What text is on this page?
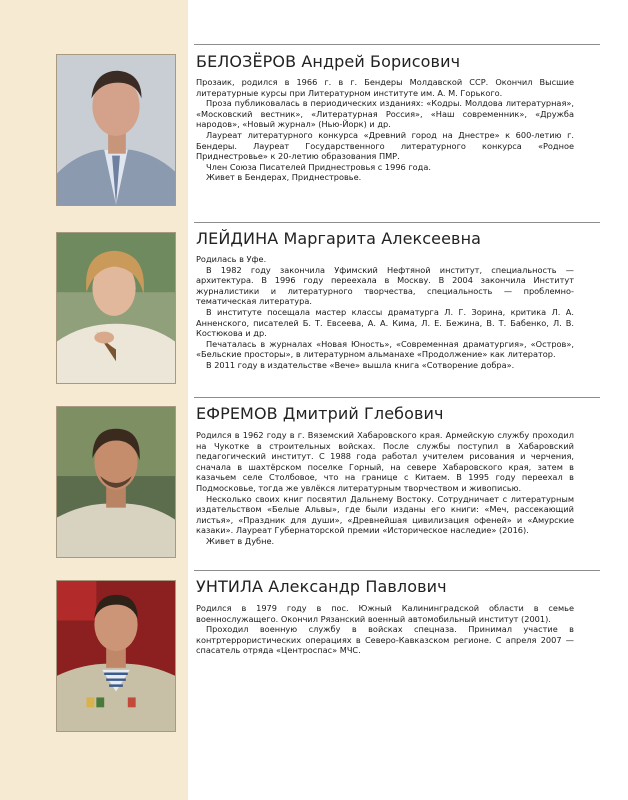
БЕЛОЗЁРОВ Андрей Борисович

Прозаик, родился в 1966 г. в г. Бендеры Молдавской ССР. Окончил Высшие литературные курсы при Литературном институте им. А. М. Горького.

Проза публиковалась в периодических изданиях: «Кодры. Молдова литературная», «Московский вестник», «Литературная Россия», «Наш современник», «Дружба народов», «Новый журнал» (Нью-Йорк) и др.

Лауреат литературного конкурса «Древний город на Днестре» к 600-летию г. Бендеры. Лауреат Государственного литературного конкурса «Родное Приднестровье» к 20-летию образования ПМР.

Член Союза Писателей Приднестровья с 1996 года.

Живет в Бендерах, Приднестровье.

ЛЕЙДИНА Маргарита Алексеевна

Родилась в Уфе.

В 1982 году закончила Уфимский Нефтяной институт, специальность — архитектура. В 1996 году переехала в Москву. В 2004 закончила Институт журналистики и литературного творчества, специальность — проблемно-тематическая литература.

В институте посещала мастер классы драматурга Л. Г. Зорина, критика Л. А. Анненского, писателей Б. Т. Евсеева, А. А. Кима, Л. Е. Бежина, В. Т. Бабенко, Л. В. Костюкова и др.

Печаталась в журналах «Новая Юность», «Современная драматургия», «Остров», «Бельские просторы», в литературном альманахе «Продолжение» как литератор.

В 2011 году в издательстве «Вече» вышла книга «Сотворение добра».

ЕФРЕМОВ Дмитрий Глебович

Родился в 1962 году в г. Вяземский Хабаровского края. Армейскую службу проходил на Чукотке в строительных войсках. После службы поступил в Хабаровский педагогический институт. С 1988 года работал учителем рисования и черчения, сначала в шахтёрском поселке Горный, на севере Хабаровского края, затем в казачьем селе Столбовое, что на границе с Китаем. В 1995 году переехал в Подмосковье, тогда же увлёкся литературным творчеством и живописью.

Несколько своих книг посвятил Дальнему Востоку. Сотрудничает с литературным издательством «Белые Альвы», где были изданы его книги: «Меч, рассекающий листья», «Праздник для души», «Древнейшая цивилизация офеней» и «Амурские казаки». Лауреат Губернаторской премии «Историческое наследие» (2016).

Живет в Дубне.

УНТИЛА Александр Павлович

Родился в 1979 году в пос. Южный Калининградской области в семье военнослужащего. Окончил Рязанский военный автомобильный институт (2001).

Проходил военную службу в войсках спецназа. Принимал участие в контртеррористических операциях в Северо-Кавказском регионе. С апреля 2007 — спасатель отряда «Центроспас» МЧС.
